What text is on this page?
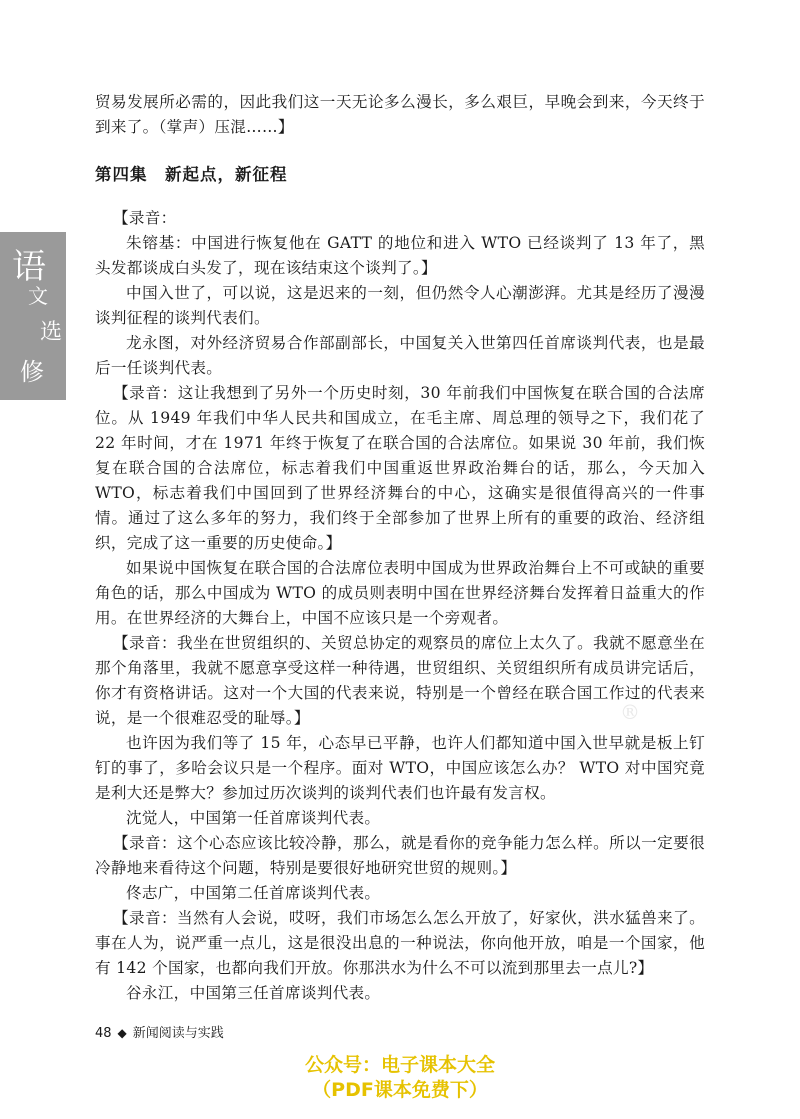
语
文
选
修

贸易发展所必需的，因此我们这一天无论多么漫长，多么艰巨，早晚会到来，今天终于到来了。（掌声）压混……】

第四集　新起点，新征程

【录音：

朱镕基：中国进行恢复他在 GATT 的地位和进入 WTO 已经谈判了 13 年了，黑头发都谈成白头发了，现在该结束这个谈判了。】

中国入世了，可以说，这是迟来的一刻，但仍然令人心潮澎湃。尤其是经历了漫漫谈判征程的谈判代表们。

龙永图，对外经济贸易合作部副部长，中国复关入世第四任首席谈判代表，也是最后一任谈判代表。

【录音：这让我想到了另外一个历史时刻，30 年前我们中国恢复在联合国的合法席位。从 1949 年我们中华人民共和国成立，在毛主席、周总理的领导之下，我们花了 22 年时间，才在 1971 年终于恢复了在联合国的合法席位。如果说 30 年前，我们恢复在联合国的合法席位，标志着我们中国重返世界政治舞台的话，那么，今天加入 WTO，标志着我们中国回到了世界经济舞台的中心，这确实是很值得高兴的一件事情。通过了这么多年的努力，我们终于全部参加了世界上所有的重要的政治、经济组织，完成了这一重要的历史使命。】

如果说中国恢复在联合国的合法席位表明中国成为世界政治舞台上不可或缺的重要角色的话，那么中国成为 WTO 的成员则表明中国在世界经济舞台发挥着日益重大的作用。在世界经济的大舞台上，中国不应该只是一个旁观者。

【录音：我坐在世贸组织的、关贸总协定的观察员的席位上太久了。我就不愿意坐在那个角落里，我就不愿意享受这样一种待遇，世贸组织、关贸组织所有成员讲完话后，你才有资格讲话。这对一个大国的代表来说，特别是一个曾经在联合国工作过的代表来说，是一个很难忍受的耻辱。】

也许因为我们等了 15 年，心态早已平静，也许人们都知道中国入世早就是板上钉钉的事了，多哈会议只是一个程序。面对 WTO，中国应该怎么办？ WTO 对中国究竟是利大还是弊大？参加过历次谈判的谈判代表们也许最有发言权。

沈觉人，中国第一任首席谈判代表。

【录音：这个心态应该比较冷静，那么，就是看你的竞争能力怎么样。所以一定要很冷静地来看待这个问题，特别是要很好地研究世贸的规则。】

佟志广，中国第二任首席谈判代表。

【录音：当然有人会说，哎呀，我们市场怎么怎么开放了，好家伙，洪水猛兽来了。事在人为，说严重一点儿，这是很没出息的一种说法，你向他开放，咱是一个国家，他有 142 个国家，也都向我们开放。你那洪水为什么不可以流到那里去一点儿?】

谷永江，中国第三任首席谈判代表。

®
48 ◆ 新闻阅读与实践
公众号：电子课本大全
（PDF课本免费下）
